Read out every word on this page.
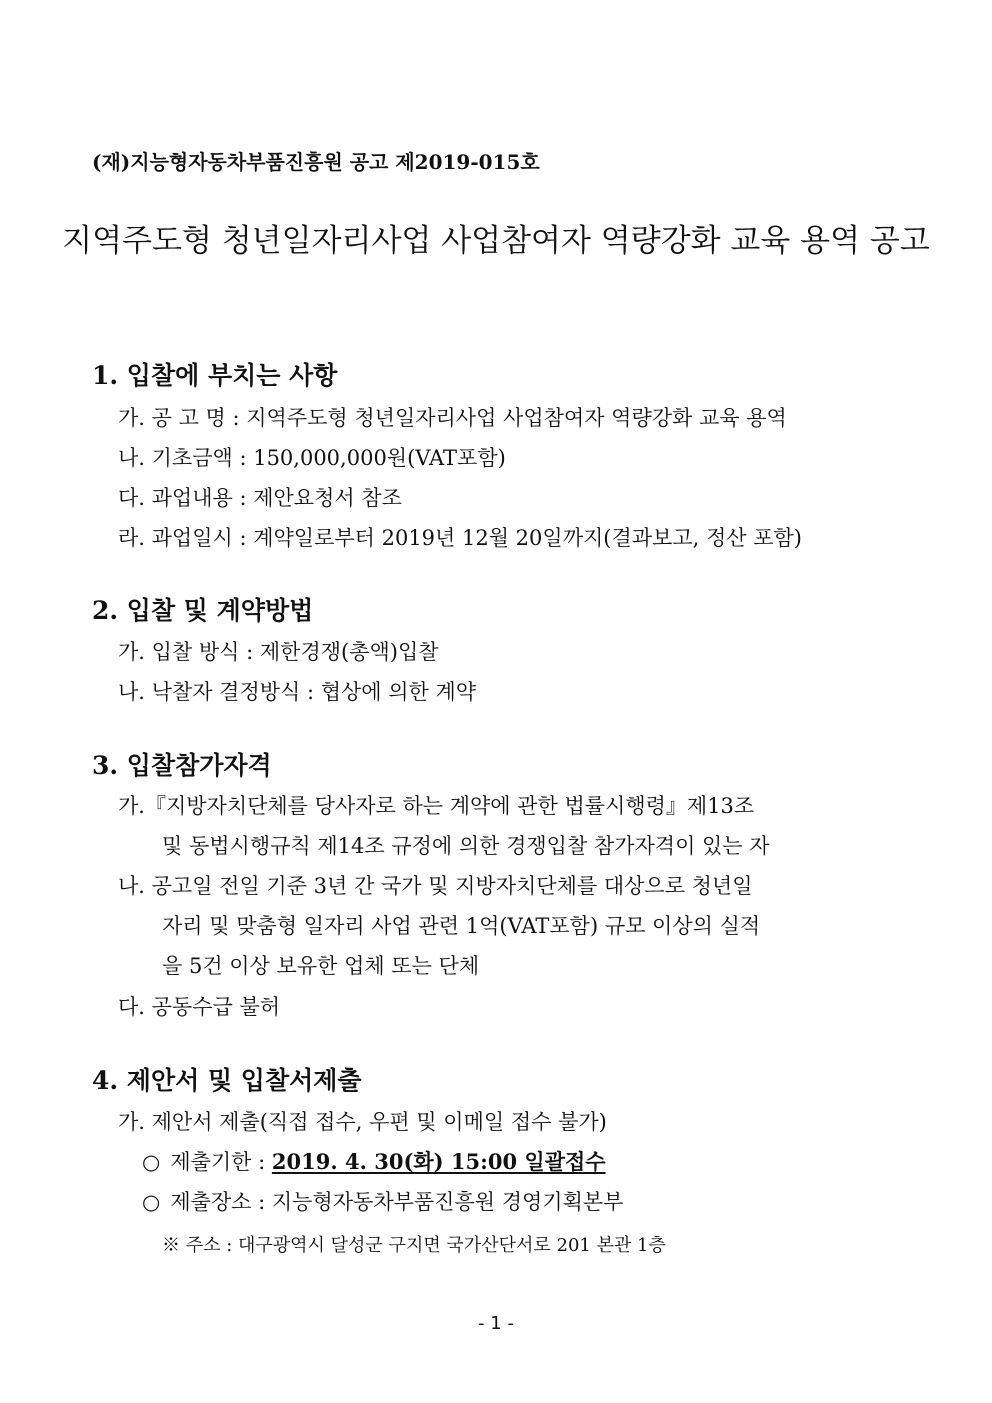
(재)지능형자동차부품진흥원 공고 제2019-015호
지역주도형 청년일자리사업 사업참여자 역량강화 교육 용역 공고
1. 입찰에 부치는 사항
가. 공 고 명 : 지역주도형 청년일자리사업 사업참여자 역량강화 교육 용역
나. 기초금액 : 150,000,000원(VAT포함)
다. 과업내용 : 제안요청서 참조
라. 과업일시 : 계약일로부터 2019년 12월 20일까지(결과보고, 정산 포함)
2. 입찰 및 계약방법
가. 입찰 방식 : 제한경쟁(총액)입찰
나. 낙찰자 결정방식 : 협상에 의한 계약
3. 입찰참가자격
가.『지방자치단체를 당사자로 하는 계약에 관한 법률시행령』제13조
및 동법시행규칙 제14조 규정에 의한 경쟁입찰 참가자격이 있는 자
나. 공고일 전일 기준 3년 간 국가 및 지방자치단체를 대상으로 청년일
자리 및 맞춤형 일자리 사업 관련 1억(VAT포함) 규모 이상의 실적
을 5건 이상 보유한 업체 또는 단체
다. 공동수급 불허
4. 제안서 및 입찰서제출
가. 제안서 제출(직접 접수, 우편 및 이메일 접수 불가)
○ 제출기한 : 2019. 4. 30(화) 15:00 일괄접수
○ 제출장소 : 지능형자동차부품진흥원 경영기획본부
※ 주소 : 대구광역시 달성군 구지면 국가산단서로 201 본관 1층
- 1 -
